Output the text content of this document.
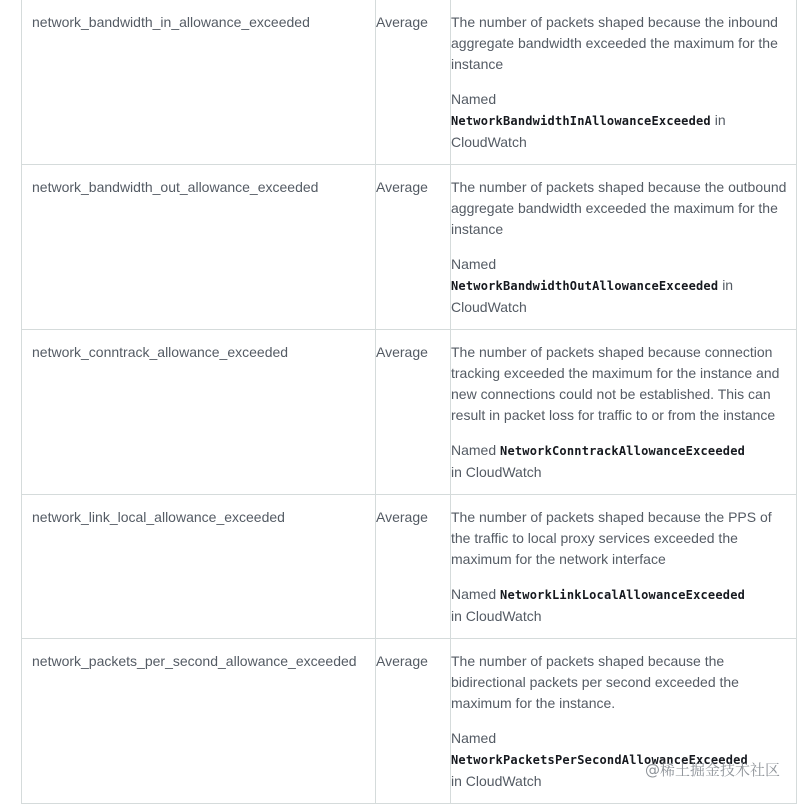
network_bandwidth_in_allowance_exceeded	Average	The number of packets shaped because the inbound aggregate bandwidth exceeded the maximum for the instance

Named
NetworkBandwidthInAllowanceExceeded in
CloudWatch

network_bandwidth_out_allowance_exceeded	Average	The number of packets shaped because the outbound aggregate bandwidth exceeded the maximum for the instance

Named
NetworkBandwidthOutAllowanceExceeded in
CloudWatch

network_conntrack_allowance_exceeded	Average	The number of packets shaped because connection tracking exceeded the maximum for the instance and new connections could not be established. This can result in packet loss for traffic to or from the instance

Named NetworkConntrackAllowanceExceeded
in CloudWatch

network_link_local_allowance_exceeded	Average	The number of packets shaped because the PPS of the traffic to local proxy services exceeded the maximum for the network interface

Named NetworkLinkLocalAllowanceExceeded
in CloudWatch

network_packets_per_second_allowance_exceeded	Average	The number of packets shaped because the bidirectional packets per second exceeded the maximum for the instance.

Named
NetworkPacketsPerSecondAllowanceExceeded
in CloudWatch

@稀土掘金技术社区
